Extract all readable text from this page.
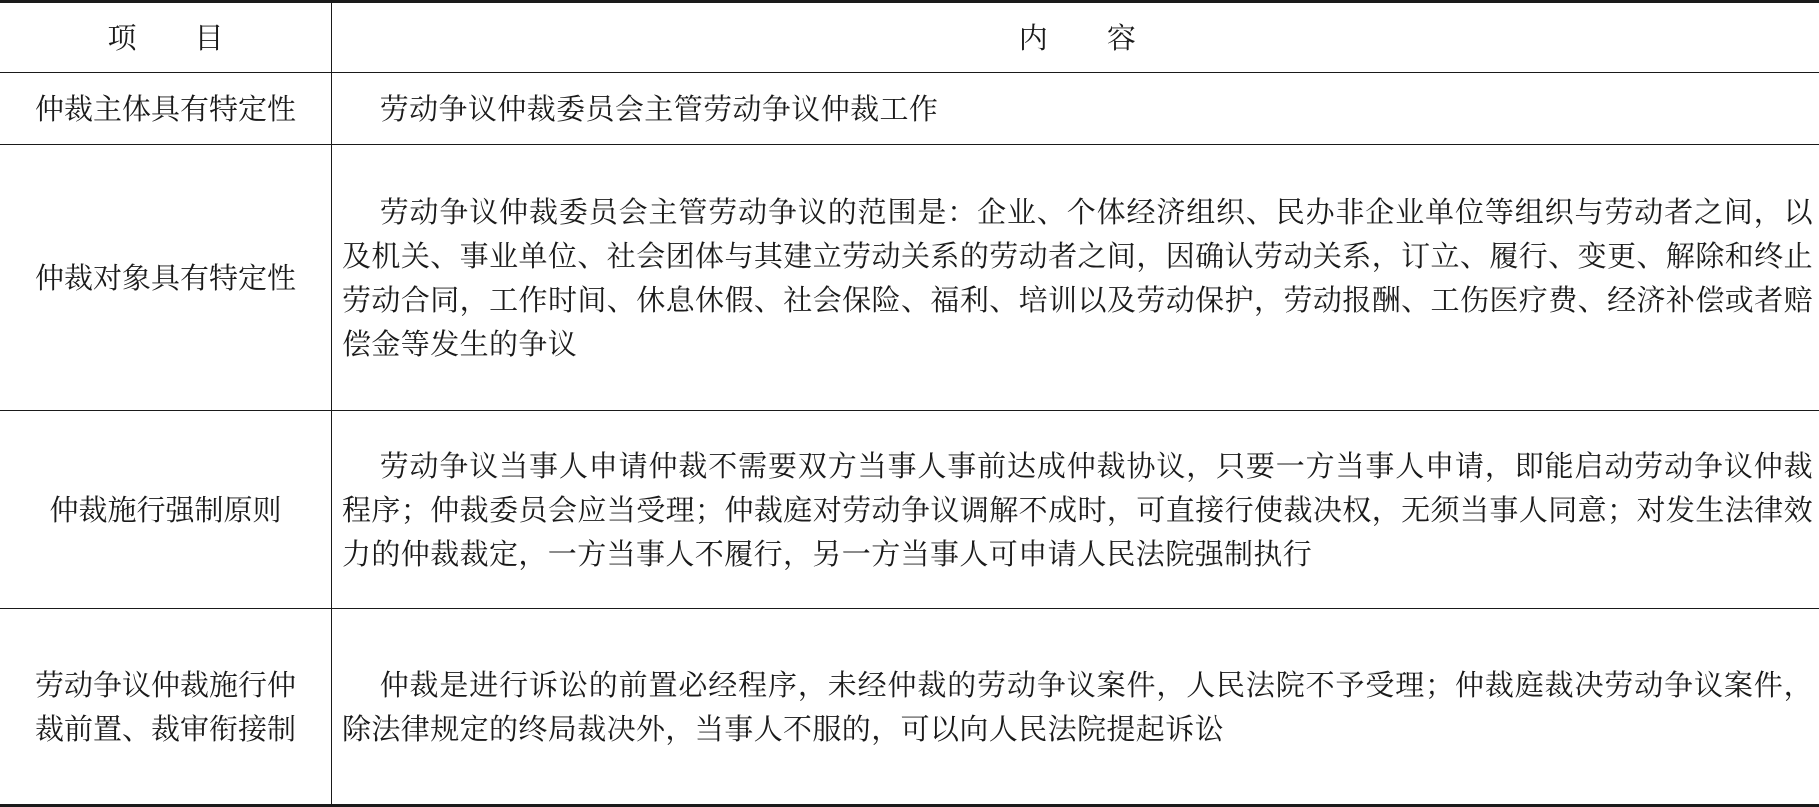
项　　目	内　　容
仲裁主体具有特定性	劳动争议仲裁委员会主管劳动争议仲裁工作
仲裁对象具有特定性
劳动争议仲裁委员会主管劳动争议的范围是：企业、个体经济组织、民办非企业单位等组织与劳动者之间，以及机关、事业单位、社会团体与其建立劳动关系的劳动者之间，因确认劳动关系，订立、履行、变更、解除和终止劳动合同，工作时间、休息休假、社会保险、福利、培训以及劳动保护，劳动报酬、工伤医疗费、经济补偿或者赔偿金等发生的争议
仲裁施行强制原则
劳动争议当事人申请仲裁不需要双方当事人事前达成仲裁协议，只要一方当事人申请，即能启动劳动争议仲裁程序；仲裁委员会应当受理；仲裁庭对劳动争议调解不成时，可直接行使裁决权，无须当事人同意；对发生法律效力的仲裁裁定，一方当事人不履行，另一方当事人可申请人民法院强制执行
劳动争议仲裁施行仲裁前置、裁审衔接制
仲裁是进行诉讼的前置必经程序，未经仲裁的劳动争议案件，人民法院不予受理；仲裁庭裁决劳动争议案件，除法律规定的终局裁决外，当事人不服的，可以向人民法院提起诉讼
